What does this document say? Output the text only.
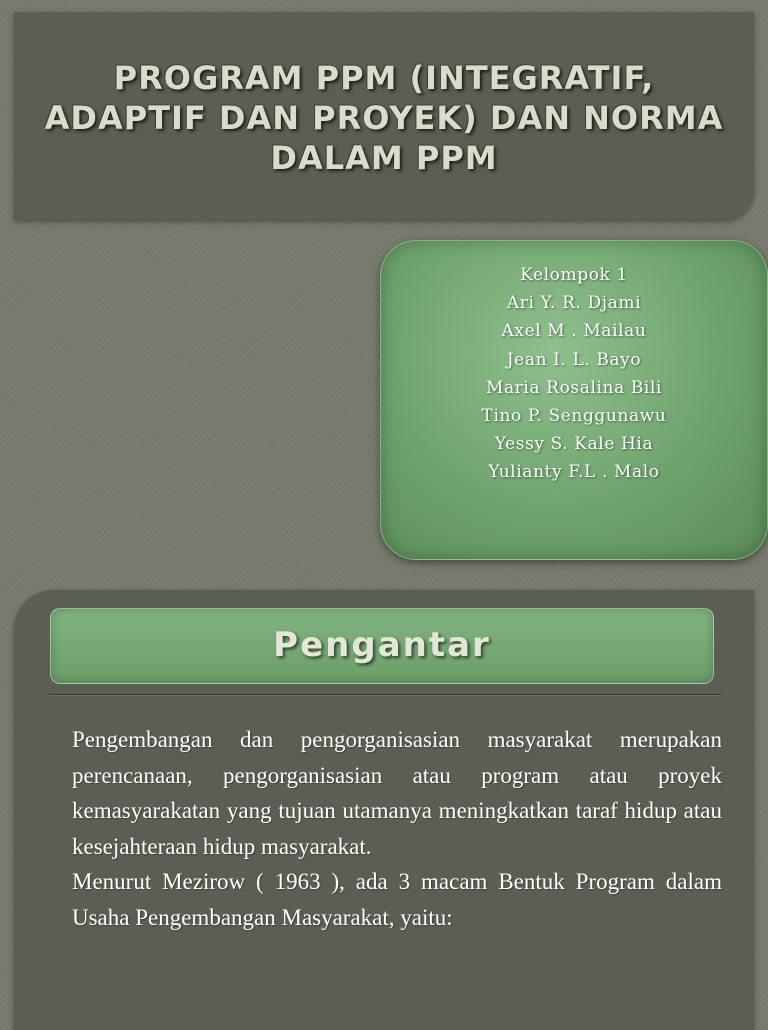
PROGRAM PPM (INTEGRATIF, ADAPTIF DAN PROYEK) DAN NORMA DALAM PPM
Kelompok 1
Ari Y. R. Djami
Axel M . Mailau
Jean I. L. Bayo
Maria Rosalina Bili
Tino P. Senggunawu
Yessy S. Kale Hia
Yulianty F.L . Malo
Pengantar

Pengembangan dan pengorganisasian masyarakat merupakan perencanaan, pengorganisasian atau program atau proyek kemasyarakatan yang tujuan utamanya meningkatkan taraf hidup atau kesejahteraan hidup masyarakat.

Menurut Mezirow ( 1963 ), ada 3 macam Bentuk Program dalam Usaha Pengembangan Masyarakat, yaitu:
